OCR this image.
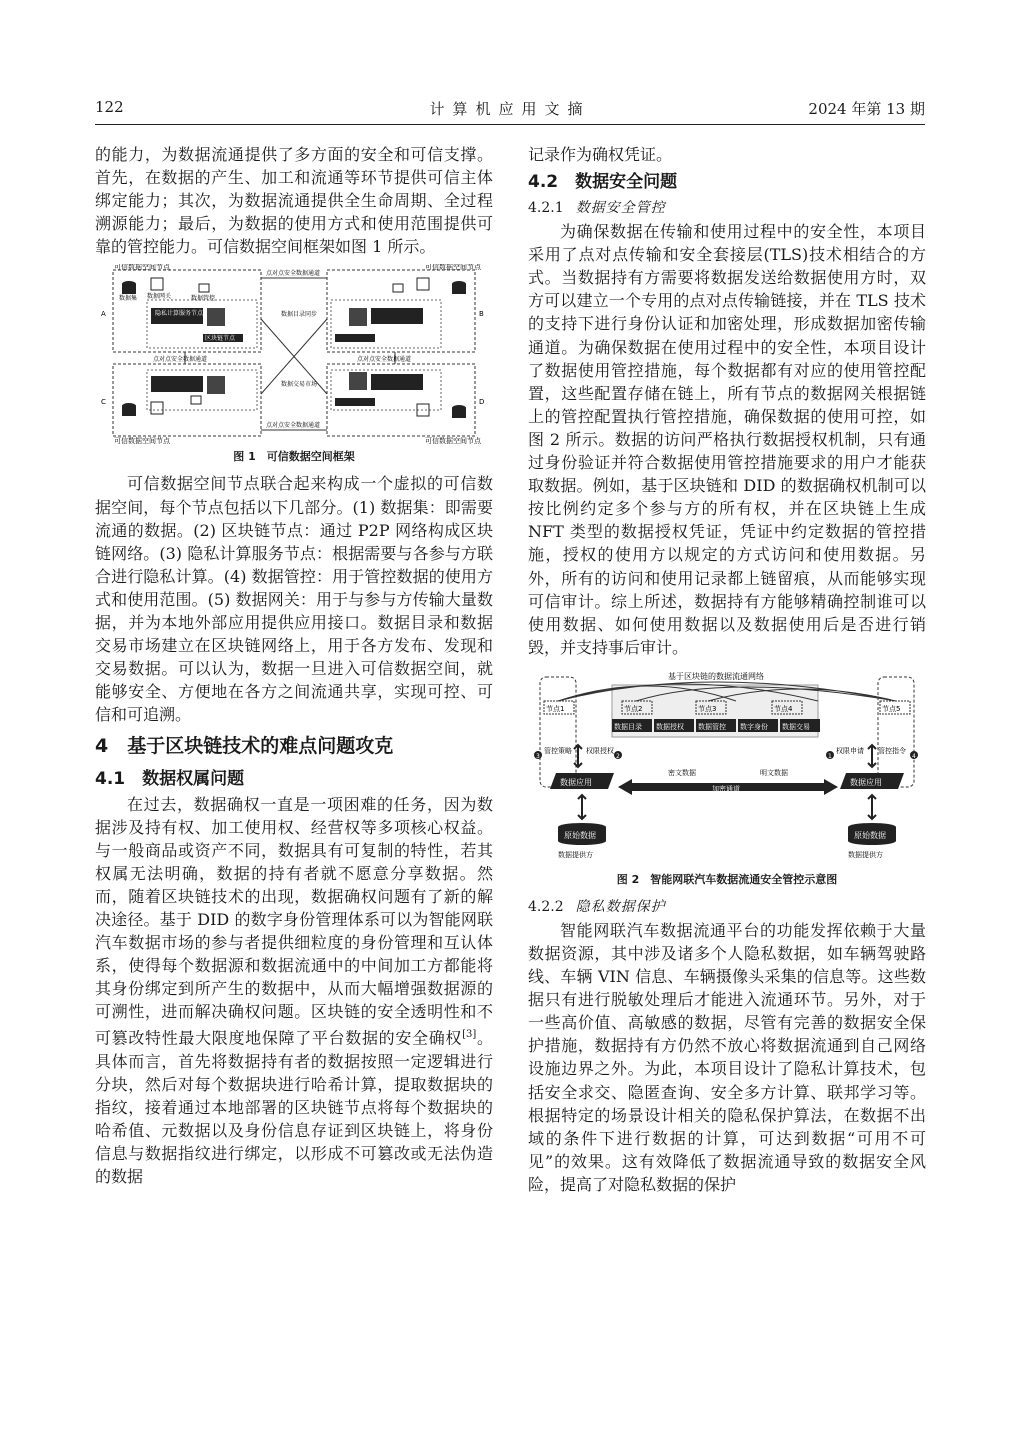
122	计算机应用文摘	2024 年第 13 期

的能力，为数据流通提供了多方面的安全和可信支撑。首先，在数据的产生、加工和流通等环节提供可信主体绑定能力；其次，为数据流通提供全生命周期、全过程溯源能力；最后，为数据的使用方式和使用范围提供可靠的管控能力。可信数据空间框架如图 1 所示。

可信数据空间节点	可信数据空间节点
可信数据空间节点	可信数据空间节点
A	B
C	D
点对点安全数据通道
点对点安全数据通道
点对点安全数据通道	点对点安全数据通道
数据目录同步
数据交易市场
数据集 数据网关	数据管控
隐私计算服务节点
区块链节点
图 1　可信数据空间框架

可信数据空间节点联合起来构成一个虚拟的可信数据空间，每个节点包括以下几部分。(1) 数据集：即需要流通的数据。(2) 区块链节点：通过 P2P 网络构成区块链网络。(3) 隐私计算服务节点：根据需要与各参与方联合进行隐私计算。(4) 数据管控：用于管控数据的使用方式和使用范围。(5) 数据网关：用于与参与方传输大量数据，并为本地外部应用提供应用接口。数据目录和数据交易市场建立在区块链网络上，用于各方发布、发现和交易数据。可以认为，数据一旦进入可信数据空间，就能够安全、方便地在各方之间流通共享，实现可控、可信和可追溯。

4　基于区块链技术的难点问题攻克
4.1　数据权属问题

在过去，数据确权一直是一项困难的任务，因为数据涉及持有权、加工使用权、经营权等多项核心权益。与一般商品或资产不同，数据具有可复制的特性，若其权属无法明确，数据的持有者就不愿意分享数据。然而，随着区块链技术的出现，数据确权问题有了新的解决途径。基于 DID 的数字身份管理体系可以为智能网联汽车数据市场的参与者提供细粒度的身份管理和互认体系，使得每个数据源和数据流通中的中间加工方都能将其身份绑定到所产生的数据中，从而大幅增强数据源的可溯性，进而解决确权问题。区块链的安全透明性和不可篡改特性最大限度地保障了平台数据的安全确权[3]。具体而言，首先将数据持有者的数据按照一定逻辑进行分块，然后对每个数据块进行哈希计算，提取数据块的指纹，接着通过本地部署的区块链节点将每个数据块的哈希值、元数据以及身份信息存证到区块链上，将身份信息与数据指纹进行绑定，以形成不可篡改或无法伪造的数据

记录作为确权凭证。

4.2　数据安全问题
4.2.1 数据安全管控

为确保数据在传输和使用过程中的安全性，本项目采用了点对点传输和安全套接层(TLS)技术相结合的方式。当数据持有方需要将数据发送给数据使用方时，双方可以建立一个专用的点对点传输链接，并在 TLS 技术的支持下进行身份认证和加密处理，形成数据加密传输通道。为确保数据在使用过程中的安全性，本项目设计了数据使用管控措施，每个数据都有对应的使用管控配置，这些配置存储在链上，所有节点的数据网关根据链上的管控配置执行管控措施，确保数据的使用可控，如图 2 所示。数据的访问严格执行数据授权机制，只有通过身份验证并符合数据使用管控措施要求的用户才能获取数据。例如，基于区块链和 DID 的数据确权机制可以按比例约定多个参与方的所有权，并在区块链上生成 NFT 类型的数据授权凭证，凭证中约定数据的管控措施，授权的使用方以规定的方式访问和使用数据。另外，所有的访问和使用记录都上链留痕，从而能够实现可信审计。综上所述，数据持有方能够精确控制谁可以使用数据、如何使用数据以及数据使用后是否进行销毁，并支持事后审计。

基于区块链的数据流通网络
节点1	节点2	节点3	节点4	节点5
数据目录 数据授权 数据管控 数字身份 数据交易
3
管控策略 权限授权
2	1
权限申请 管控指令
4
数据应用	数据应用
密文数据	明文数据
加密通道
原始数据	原始数据
数据提供方	数据提供方
图 2　智能网联汽车数据流通安全管控示意图
4.2.2 隐私数据保护

智能网联汽车数据流通平台的功能发挥依赖于大量数据资源，其中涉及诸多个人隐私数据，如车辆驾驶路线、车辆 VIN 信息、车辆摄像头采集的信息等。这些数据只有进行脱敏处理后才能进入流通环节。另外，对于一些高价值、高敏感的数据，尽管有完善的数据安全保护措施，数据持有方仍然不放心将数据流通到自己网络设施边界之外。为此，本项目设计了隐私计算技术，包括安全求交、隐匿查询、安全多方计算、联邦学习等。根据特定的场景设计相关的隐私保护算法，在数据不出域的条件下进行数据的计算，可达到数据“可用不可见”的效果。这有效降低了数据流通导致的数据安全风险，提高了对隐私数据的保护
